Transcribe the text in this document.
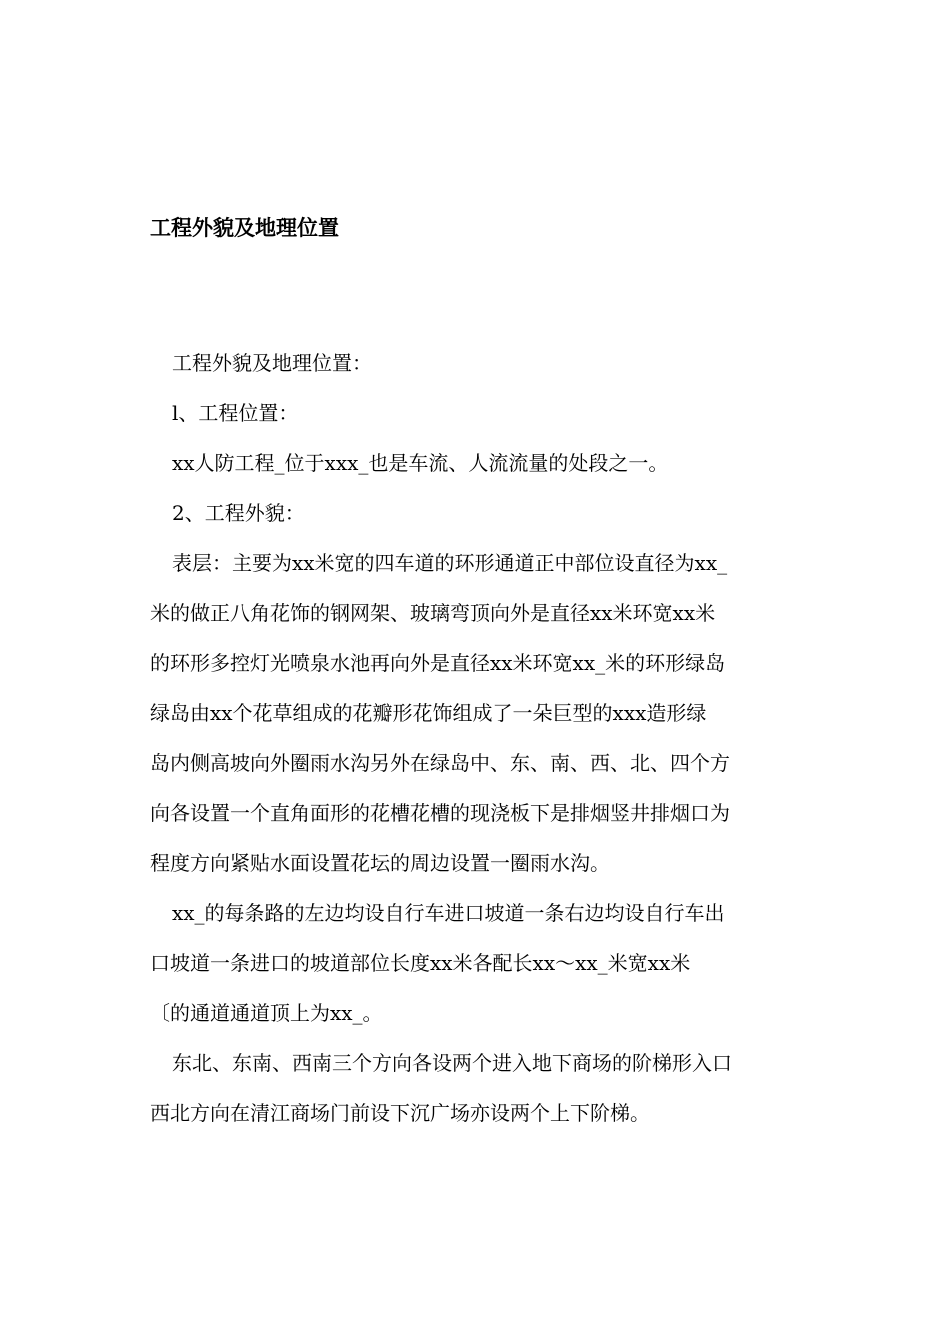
工程外貌及地理位置
工程外貌及地理位置：
l、工程位置：
xx人防工程_位于xxx_也是车流、人流流量的处段之一。
2、工程外貌：
表层：主要为xx米宽的四车道的环形通道正中部位设直径为xx_
米的做正八角花饰的钢网架、玻璃弯顶向外是直径xx米环宽xx米
的环形多控灯光喷泉水池再向外是直径xx米环宽xx_米的环形绿岛
绿岛由xx个花草组成的花瓣形花饰组成了一朵巨型的xxx造形绿
岛内侧高坡向外圈雨水沟另外在绿岛中、东、南、西、北、四个方
向各设置一个直角面形的花槽花槽的现浇板下是排烟竖井排烟口为
程度方向紧贴水面设置花坛的周边设置一圈雨水沟。
xx_的每条路的左边均设自行车进口坡道一条右边均设自行车出
口坡道一条进口的坡道部位长度xx米各配长xx～xx_米宽xx米
〔的通道通道顶上为xx_。
东北、东南、西南三个方向各设两个进入地下商场的阶梯形入口
西北方向在清江商场门前设下沉广场亦设两个上下阶梯。
